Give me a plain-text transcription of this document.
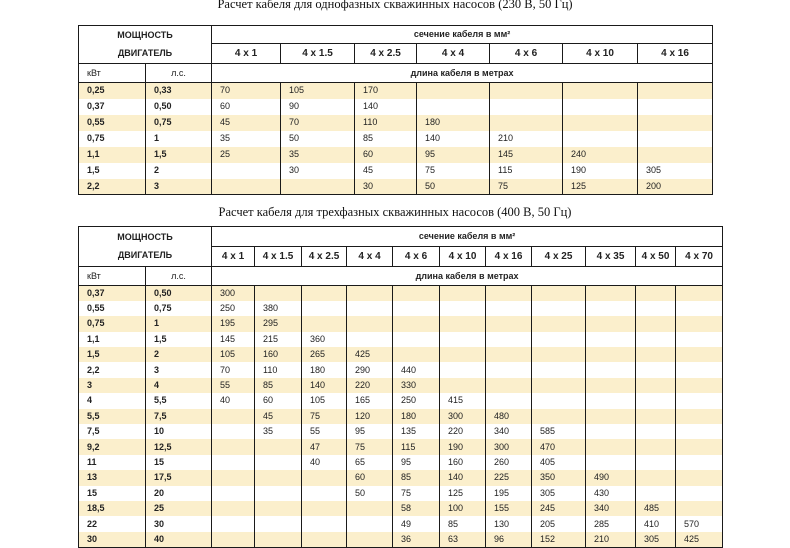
Расчет кабеля для однофазных скважинных насосов (230 В, 50 Гц)
МОЩНОСТЬ
ДВИГАТЕЛЬ		сечение кабеля в мм²						
		4 x 1	4 x 1.5	4 x 2.5	4 x 4	4 x 6	4 x 10	4 x 16
кВт	л.с.	длина кабеля в метрах						
0,25	0,33	70	105	170				
0,37	0,50	60	90	140				
0,55	0,75	45	70	110	180			
0,75	1	35	50	85	140	210		
1,1	1,5	25	35	60	95	145	240	
1,5	2		30	45	75	115	190	305
2,2	3			30	50	75	125	200
Расчет кабеля для трехфазных скважинных насосов (400 В, 50 Гц)
МОЩНОСТЬ
ДВИГАТЕЛЬ		сечение кабеля в мм²										
		4 x 1	4 x 1.5	4 x 2.5	4 x 4	4 x 6	4 x 10	4 x 16	4 x 25	4 x 35	4 x 50	4 x 70
кВт	л.с.	длина кабеля в метрах										
0,37	0,50	300										
0,55	0,75	250	380									
0,75	1	195	295									
1,1	1,5	145	215	360								
1,5	2	105	160	265	425							
2,2	3	70	110	180	290	440						
3	4	55	85	140	220	330						
4	5,5	40	60	105	165	250	415					
5,5	7,5		45	75	120	180	300	480				
7,5	10		35	55	95	135	220	340	585			
9,2	12,5			47	75	115	190	300	470			
11	15			40	65	95	160	260	405			
13	17,5				60	85	140	225	350	490		
15	20				50	75	125	195	305	430		
18,5	25					58	100	155	245	340	485	
22	30					49	85	130	205	285	410	570
30	40					36	63	96	152	210	305	425
